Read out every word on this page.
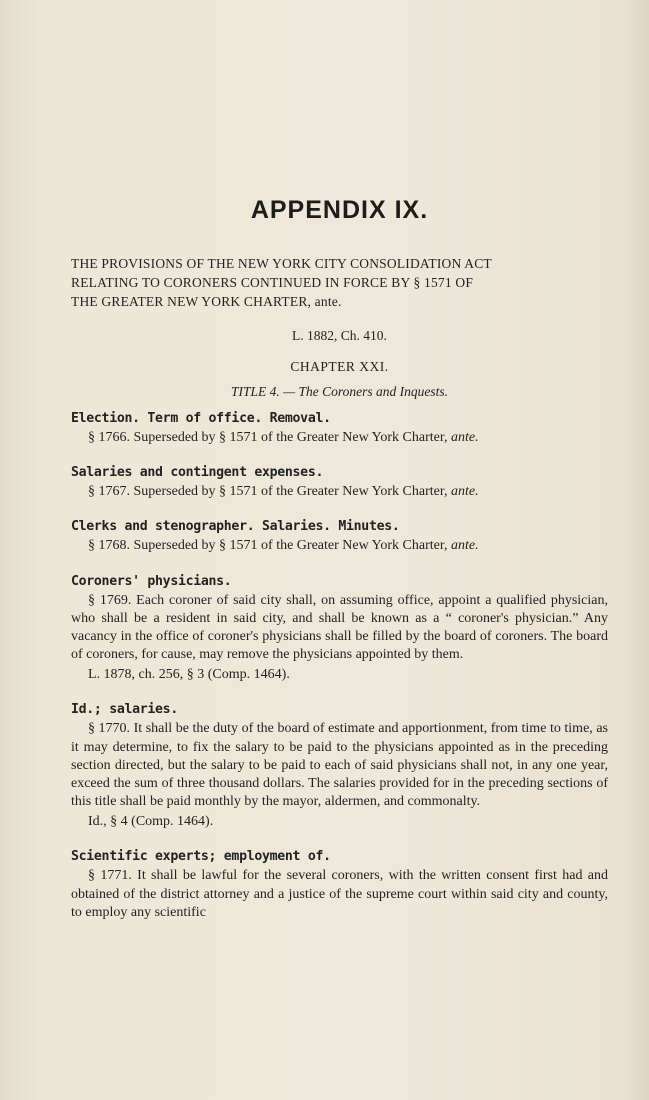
APPENDIX IX.

THE PROVISIONS OF THE NEW YORK CITY CONSOLIDATION ACT
RELATING TO CORONERS CONTINUED IN FORCE BY § 1571 OF
THE GREATER NEW YORK CHARTER, ante.

L. 1882, Ch. 410.

CHAPTER XXI.

TITLE 4. — The Coroners and Inquests.

Election. Term of office. Removal.

§ 1766. Superseded by § 1571 of the Greater New York Charter, ante.

Salaries and contingent expenses.

§ 1767. Superseded by § 1571 of the Greater New York Charter, ante.

Clerks and stenographer. Salaries. Minutes.

§ 1768. Superseded by § 1571 of the Greater New York Charter, ante.

Coroners' physicians.

§ 1769. Each coroner of said city shall, on assuming office, appoint a qualified physician, who shall be a resident in said city, and shall be known as a “ coroner's physician.” Any vacancy in the office of coroner's physicians shall be filled by the board of coroners. The board of coroners, for cause, may remove the physicians appointed by them.

L. 1878, ch. 256, § 3 (Comp. 1464).

Id.; salaries.

§ 1770. It shall be the duty of the board of estimate and apportionment, from time to time, as it may determine, to fix the salary to be paid to the physicians appointed as in the preceding section directed, but the salary to be paid to each of said physicians shall not, in any one year, exceed the sum of three thousand dollars. The salaries provided for in the preceding sections of this title shall be paid monthly by the mayor, aldermen, and commonalty.

Id., § 4 (Comp. 1464).

Scientific experts; employment of.

§ 1771. It shall be lawful for the several coroners, with the written consent first had and obtained of the district attorney and a justice of the supreme court within said city and county, to employ any scientific
